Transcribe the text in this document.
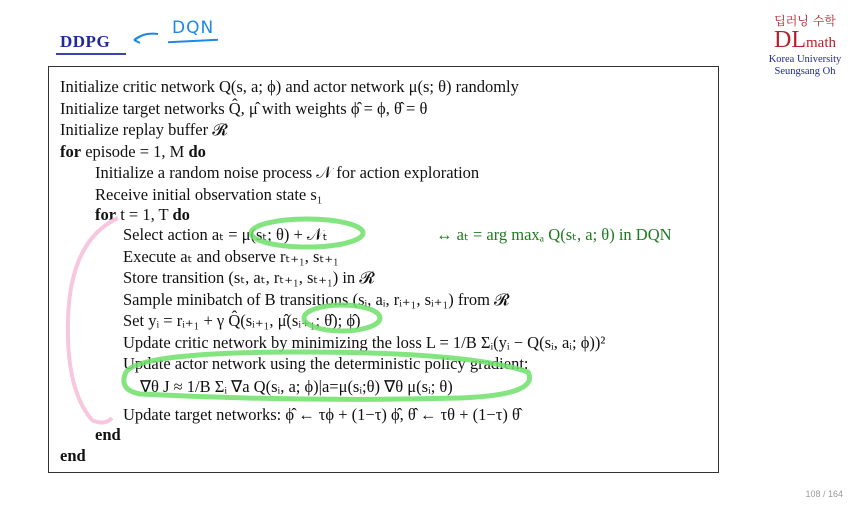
DDPG
DQN	딥러닝 수학
DLmath
Korea University
Seungsang Oh
Initialize critic network Q(s, a; ϕ) and actor network μ(s; θ) randomly
Initialize target networks Q̂, μ̂ with weights ϕ̂ = ϕ, θ̂ = θ
Initialize replay buffer 𝓡
for episode = 1, M do
Initialize a random noise process 𝒩 for action exploration
Receive initial observation state s₁
for t = 1, T do
Select action aₜ = μ(sₜ; θ) + 𝒩ₜ	↔ aₜ = arg maxₐ Q(sₜ, a; θ) in DQN
Execute aₜ and observe rₜ₊₁, sₜ₊₁
Store transition (sₜ, aₜ, rₜ₊₁, sₜ₊₁) in 𝓡
Sample minibatch of B transitions (sᵢ, aᵢ, rᵢ₊₁, sᵢ₊₁) from 𝓡
Set yᵢ = rᵢ₊₁ + γ Q̂(sᵢ₊₁, μ̂(sᵢ₊₁; θ̂); ϕ̂)
Update critic network by minimizing the loss L = 1/B Σᵢ(yᵢ − Q(sᵢ, aᵢ; ϕ))²
Update actor network using the deterministic policy gradient:
∇θ J ≈ 1/B Σᵢ ∇a Q(sᵢ, a; ϕ)|a=μ(sᵢ;θ) ∇θ μ(sᵢ; θ)
Update target networks: ϕ̂ ← τϕ + (1−τ) ϕ̂, θ̂ ← τθ + (1−τ) θ̂
end
end
108 / 164
